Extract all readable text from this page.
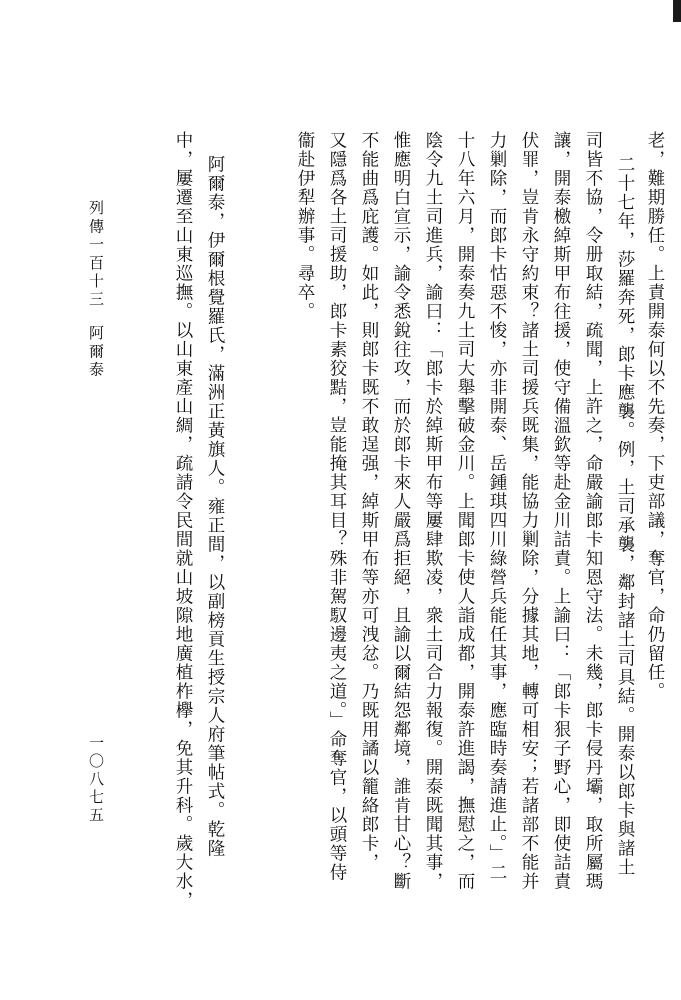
老，難期勝任。上責開泰何以不先奏，下吏部議，奪官，命仍留任。
二十七年，莎羅奔死，郎卡應襲。例，土司承襲，鄰封諸土司具結。開泰以郎卡與諸土
司皆不協，令册取結，疏聞，上許之，命嚴諭郎卡知恩守法。未幾，郎卡侵丹壩，取所屬瑪
讓，開泰檄綽斯甲布往援，使守備溫欽等赴金川詰責。上諭曰：「郎卡狠子野心，即使詰責
伏罪，豈肯永守約束？諸土司援兵既集，能協力剿除，分據其地，轉可相安；若諸部不能并
力剿除，而郎卡怙惡不悛，亦非開泰、岳鍾琪四川綠營兵能任其事，應臨時奏請進止。」二
十八年六月，開泰奏九土司大舉擊破金川。上聞郎卡使人詣成都，開泰許進謁，撫慰之，而
陰令九土司進兵，諭曰：「郎卡於綽斯甲布等屢肆欺凌，衆土司合力報復。開泰既聞其事，
惟應明白宣示，諭令悉銳往攻，而於郎卡來人嚴爲拒絕，且諭以爾結怨鄰境，誰肯甘心？斷
不能曲爲庇護。如此，則郎卡既不敢逞强，綽斯甲布等亦可洩忿。乃既用譎以籠絡郎卡，
又隱爲各土司援助，郎卡素狡黠，豈能掩其耳目？殊非駕馭邊夷之道。」命奪官，以頭等侍
衞赴伊犁辦事。尋卒。
阿爾泰，伊爾根覺羅氏，滿洲正黃旗人。雍正間，以副榜貢生授宗人府筆帖式。乾隆
中，屢遷至山東巡撫。以山東產山綢，疏請令民間就山坡隙地廣植柞欅，免其升科。歲大水，
列傳一百十三
阿爾泰
一〇八七五
